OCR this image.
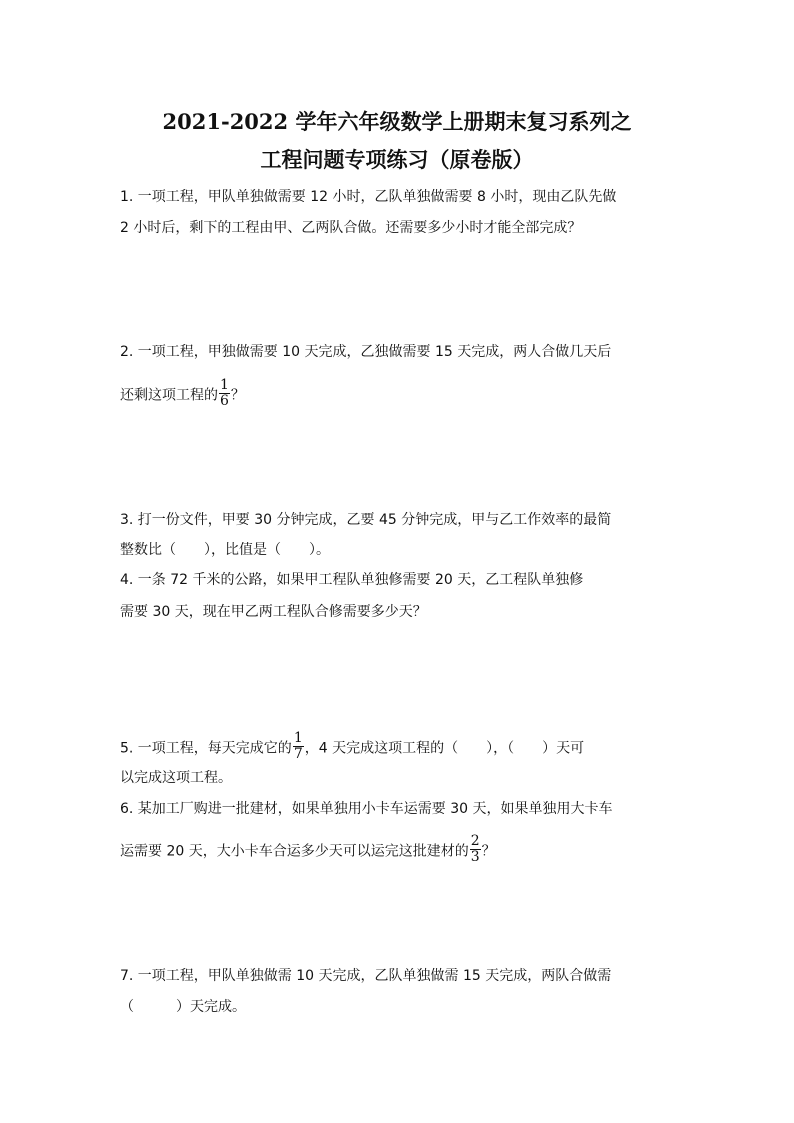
2021-2022 学年六年级数学上册期末复习系列之
工程问题专项练习（原卷版）
1. 一项工程，甲队单独做需要 12 小时，乙队单独做需要 8 小时，现由乙队先做
2 小时后，剩下的工程由甲、乙两队合做。还需要多少小时才能全部完成？
2. 一项工程，甲独做需要 10 天完成，乙独做需要 15 天完成，两人合做几天后
还剩这项工程的 $\frac{1}{6}$ ？
3. 打一份文件，甲要 30 分钟完成，乙要 45 分钟完成，甲与乙工作效率的最简
整数比（　　），比值是（　　）。
4. 一条 72 千米的公路，如果甲工程队单独修需要 20 天，乙工程队单独修
需要 30 天，现在甲乙两工程队合修需要多少天？
5. 一项工程，每天完成它的 $\frac{1}{7}$ ，4 天完成这项工程的（　　），（　　）天可
以完成这项工程。
6. 某加工厂购进一批建材，如果单独用小卡车运需要 30 天，如果单独用大卡车
运需要 20 天，大小卡车合运多少天可以运完这批建材的 $\frac{2}{3}$ ？
7. 一项工程，甲队单独做需 10 天完成，乙队单独做需 15 天完成，两队合做需
（　　　）天完成。
